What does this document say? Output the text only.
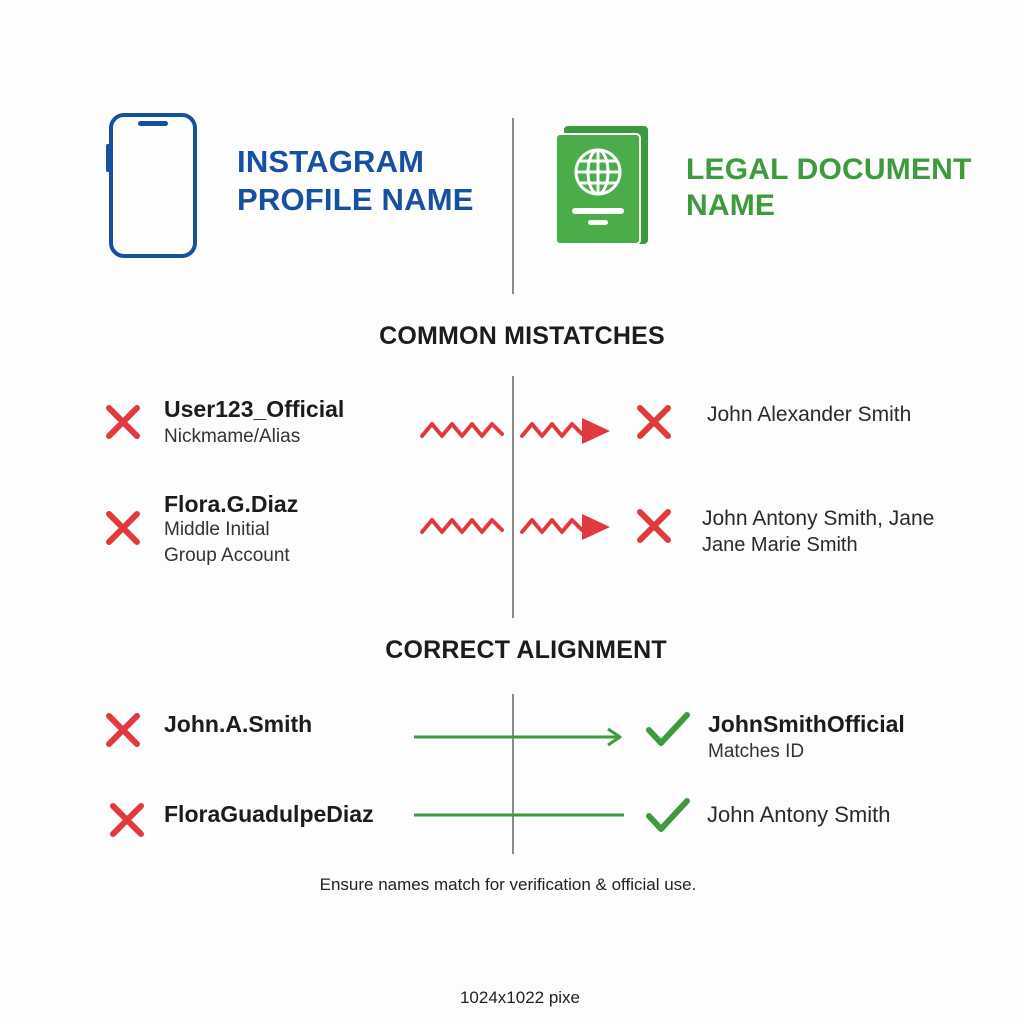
INSTAGRAM
PROFILE NAME
LEGAL DOCUMENT
NAME
COMMON MISTATCHES
User123_Official
Nickmame/Alias
John Alexander Smith
Flora.G.Diaz
Middle Initial
Group Account
John Antony Smith, Jane
Jane Marie Smith
CORRECT ALIGNMENT
John.A.Smith	JohnSmithOfficial
Matches ID
FloraGuadulpeDiaz	John Antony Smith
Ensure names match for verification & official use.
1024x1022 pixe
